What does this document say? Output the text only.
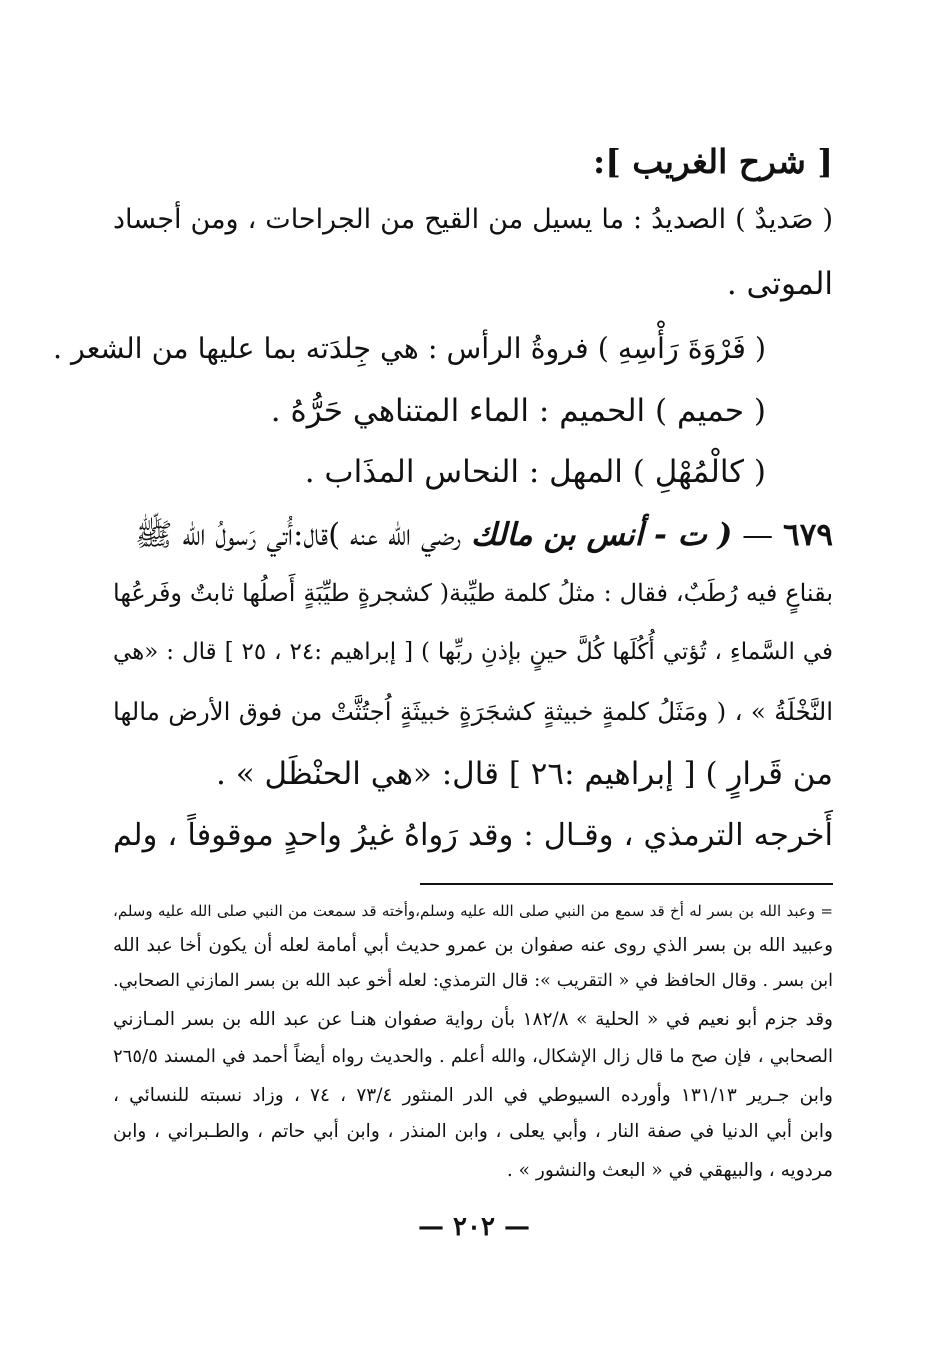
[ شرح الغريب ]:
( صَديدٌ ) الصديدُ : ما يسيل من القيح من الجراحات ، ومن أجساد
الموتى .
( فَرْوَةَ رَأْسِهِ ) فروةُ الرأس : هي جِلدَته بما عليها من الشعر .
( حميم ) الحميم : الماء المتناهي حَرُّهُ .
( كالْمُهْلِ ) المهل : النحاس المذَاب .
٦٧٩ — ( ت - أنس بن مالك رضي الله عنه )قال:أُتي رَسولُ الله ﷺ
بقناعٍ فيه رُطَبٌ، فقال : مثلُ كلمة طيِّبة( كشجرةٍ طيِّبَةٍ أَصلُها ثابتٌ وفَرعُها
في السَّماءِ ، تُؤتي أُكُلَها كُلَّ حينٍ بإذنِ ربِّها ) [ إبراهيم :٢٤ ، ٢٥ ] قال : «هي
النَّخْلَةُ » ، ( ومَثَلُ كلمةٍ خبيثةٍ كشجَرَةٍ خبيثَةٍ اُجتُثَّتْ من فوق الأرض مالها
من قَرارٍ ) [ إبراهيم :٢٦ ] قال: «هي الحنْظَل » .
أَخرجه الترمذي ، وقـال : وقد رَواهُ غيرُ واحدٍ موقوفاً ، ولم
= وعبد الله بن بسر له أخ قد سمع من النبي صلى الله عليه وسلم،وأخته قد سمعت من النبي صلى الله عليه وسلم،
وعبيد الله بن بسر الذي روى عنه صفوان بن عمرو حديث أبي أمامة لعله أن يكون أخا عبد الله
ابن بسر . وقال الحافظ في « التقريب »: قال الترمذي: لعله أخو عبد الله بن بسر المازني الصحابي.
وقد جزم أبو نعيم في « الحلية » ١٨٢/٨ بأن رواية صفوان هنـا عن عبد الله بن بسر المـازني
الصحابي ، فإن صح ما قال زال الإشكال، والله أعلم . والحديث رواه أيضاً أحمد في المسند ٢٦٥/٥
وابن جـرير ١٣١/١٣ وأورده السيوطي في الدر المنثور ٧٣/٤ ، ٧٤ ، وزاد نسبته للنسائي ،
وابن أبي الدنيا في صفة النار ، وأبي يعلى ، وابن المنذر ، وابن أبي حاتم ، والطـبراني ، وابن
مردويه ، والبيهقي في « البعث والنشور » .
— ٢٠٢ —
